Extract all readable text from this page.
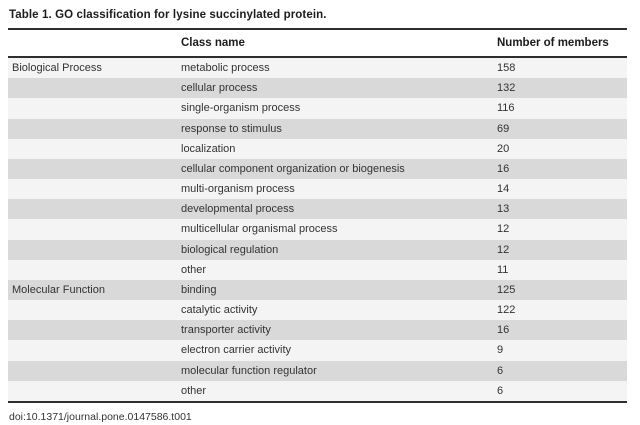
Table 1. GO classification for lysine succinylated protein.
Class name	Number of members
Biological Process	metabolic process	158
cellular process	132
single-organism process	116
response to stimulus	69
localization	20
cellular component organization or biogenesis	16
multi-organism process	14
developmental process	13
multicellular organismal process	12
biological regulation	12
other	11
Molecular Function	binding	125
catalytic activity	122
transporter activity	16
electron carrier activity	9
molecular function regulator	6
other	6
doi:10.1371/journal.pone.0147586.t001
